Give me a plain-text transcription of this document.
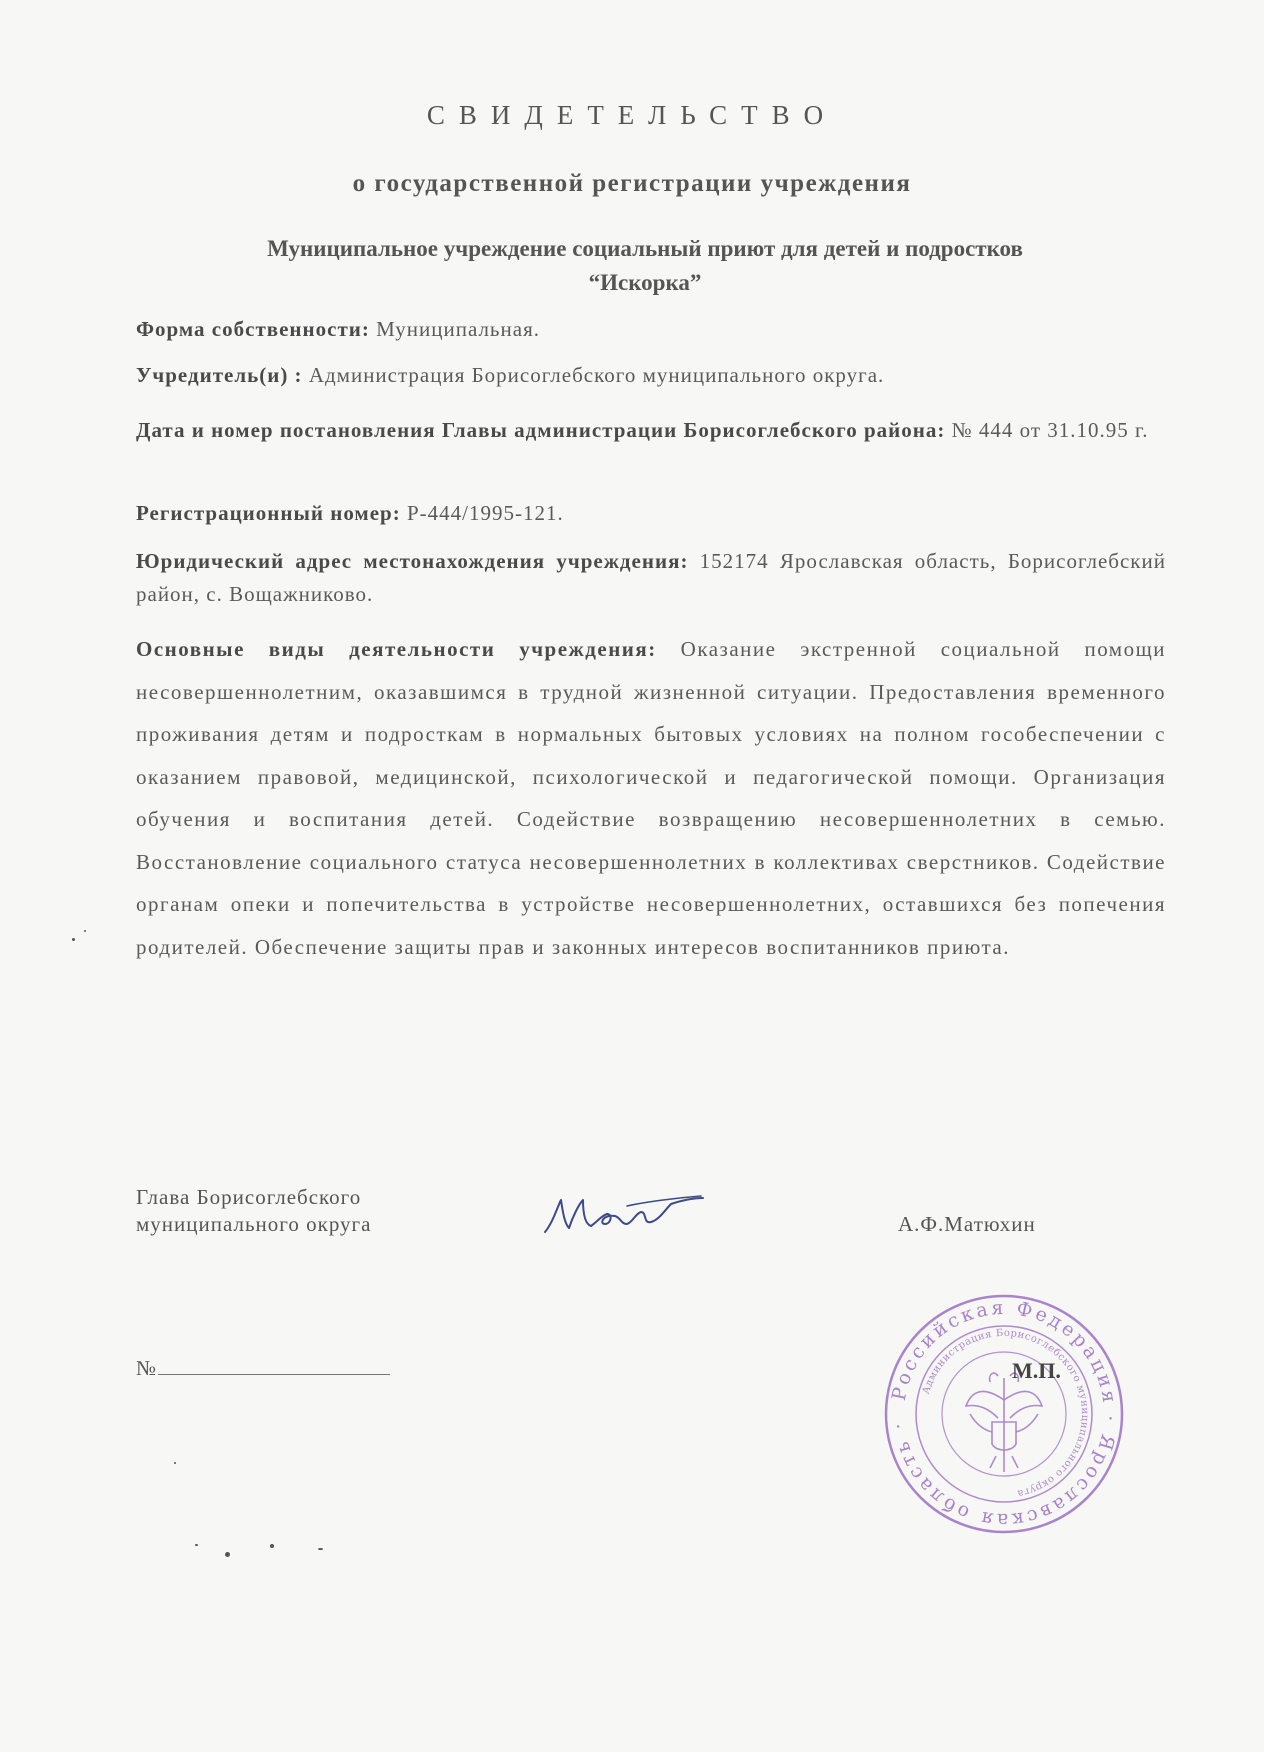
СВИДЕТЕЛЬСТВО
о государственной регистрации учреждения
Муниципальное учреждение социальный приют для детей и подростков
“Искорка”
Форма собственности: Муниципальная.
Учредитель(и) : Администрация Борисоглебского муниципального округа.
Дата и номер постановления Главы администрации Борисоглебского района: № 444 от 31.10.95 г.
Регистрационный номер: Р-444/1995-121.
Юридический адрес местонахождения учреждения: 152174 Ярославская область, Борисоглебский район, с. Вощажниково.
Основные виды деятельности учреждения: Оказание экстренной социальной помощи несовершеннолетним, оказавшимся в трудной жизненной ситуации. Предоставления временного проживания детям и подросткам в нормальных бытовых условиях на полном гособеспечении с оказанием правовой, медицинской, психологической и педагогической помощи. Организация обучения и воспитания детей. Содействие возвращению несовершеннолетних в семью. Восстановление социального статуса несовершеннолетних в коллективах сверстников. Содействие органам опеки и попечительства в устройстве несовершеннолетних, оставшихся без попечения родителей. Обеспечение защиты прав и законных интересов воспитанников приюта.
Глава Борисоглебского
муниципального округа	А.Ф.Матюхин
№
Российская Федерация · Ярославская область ·
Администрация Борисоглебского муниципального округа
М.П.
